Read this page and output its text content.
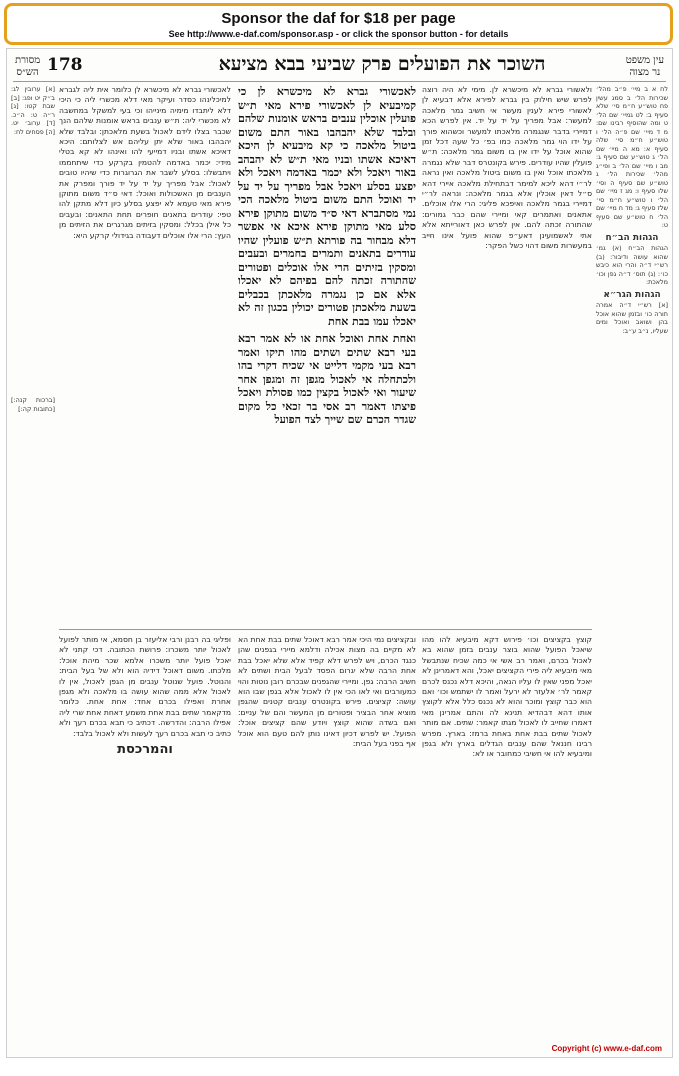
Sponsor the daf for $18 per page
See http://www.e-daf.com/sponsor.asp - or click the sponsor button - for details
עין משפט
נר מצוה
השוכר את הפועלים פרק שביעי בבא מציעא
178
מסורת
הש״ס

לח א ב מיי׳ פ״ב מהל׳ שכירות הל׳ ב סמג עשין פח טוש״ע ח״מ סי׳ שלא סעיף ב: לט גמיי׳ שם הל׳ ט ומה שהוסיף רבינו שם: מ ד מיי׳ שם פ״ה הל׳ ו טוש״ע ח״מ סי׳ שלה סעיף א: מא ה מיי׳ שם הל׳ ג טוש״ע שם סעיף ג: מב ו מיי׳ שם הל׳ ב ופי״ג מהל׳ שכירות הל׳ ג טוש״ע שם סעיף ה וסי׳ שלו סעיף ו: מג ז מיי׳ שם הל׳ ו טוש״ע ח״מ סי׳ שלז סעיף ג: מד ח מיי׳ שם הל׳ ח טוש״ע שם סעיף ט:

הגהות הב״ח

הגהות הב״ח (א) גמ׳ שהוא עושה ודיבור: (ב) רש״י ד״ה והרי הוא כיבש כו׳: (ג) תוס׳ ד״ה גפן וכו׳ מלאכת:

הגהות הגר״א

[א] רש״י ד״ה אמרה תורה כו׳ ובזמן שהוא אוכל בהן ושואב ואוכל ומים שעליו, נ״ב ע״ב:

[א] ערובין לג: ב״ק יט ופג: [ב] שבת קטו: [ג] ר״ה ט: ה״כ. [ד] ערוב׳ יט. [ה] פסחים לח:

[ברכות קנה:] [כתובות קה:]

ולאשורי גברא לא מיכשרא לן. מימי לא היה רוצה לפרש שיש חילוק בין גברא לפירא אלא דבעיא לן לאשורי פירא לענין מעשר אי חשיב גמר מלאכה למעשר: אבל מפריך על יד על יד. אין לפרש הכא דמיירי בדבר שנגמרה מלאכתו למעשר וכשהוא פורך על ידו הוי גמר מלאכה כמו בפ׳ כל שעה דכל זמן שהוא אוכל על ידו אין בו משום גמר מלאכה: ת״ש פועלין שהיו עודרים. פירש בקונטרס דבר שלא נגמרה מלאכתו אוכל ואין בו משום ביטול מלאכה ואין נראה לר״י דהא ליכא למימר דבתחילת מלאכה איירי דהא ס״ל דאין אוכלין אלא בגמר מלאכה: ונראה לר״י דמיירי בגמר מלאכה ואיפכא פליגי: הרי אלו אוכלים. אתאנים ואתמרים קאי ומיירי שהם כבר גמורים: שהתורה זכתה להם. אין לפרש כאן דאורייתא אלא אתי לאשמועינן דאע״פ שהוא פועל אינו חייב במעשרות משום דהוי כשל הפקר:

לאכשורי גברא לא מיכשרא לן כי קמיבעיא לן לאכשורי פירא מאי ת״ש פועלין אוכלין ענבים בראש אומנות שלהם ובלבד שלא יהבהבו באור התם משום ביטול מלאכה כי קא מיבעיא לן היכא דאיכא אשתו ובניו מאי ת״ש לא יהבהב באור ויאכל ולא יכמר באדמה ויאכל ולא יפצע בסלע ויאכל אבל מפריך על יד על יד ואוכל התם משום ביטול מלאכה הכי נמי מסתברא דאי ס״ד משום מתוקן פירא סלע מאי מתוקן פירא איכא אי אפשר דלא מבחור בה פורתא ת״ש פועלין שהיו עודרים בתאנים ותמרים בחמרים ובעבים ומסקין בזיתים הרי אלו אוכלים ופטורים שהתורה זכתה להם בפיהם לא יאכלו אלא אם כן נגמרה מלאכתן בכבלים בשעת מלאכתן פטורים יכולין בכגון זה לא יאכלו עמו בבת אחת

ואחת אחת ואוכל אחת או לא אמר רבא בעי רבא שתים ושתים מהו תיקו ואמר רבא בעי מקמי דלייט אי שכיח דקרי בהו ולכתחלה אי לאכול מגפן זה ומגפן אחר שיעור ואי לאכול בקצין כמו פסולת ויאכל פיצתו דאמר רב אסי בר זכאי כל מקום שגדר הכרם שם שייך לצד הפועל

לאכשורי גברא לא מיכשרא לן כלומר אית ליה לגברא למיכלינהו כסדר ועיקר מאי דלא מכשרי ליה כי היכי דלא ליתבדו מימיה מינייהו וכי בעי למשקל במחשבה לא מכשרי ליה: ת״ש ענבים בראש אומנות שלהם הנך שכבר בצלו לידם לאכול בשעת מלאכתן: ובלבד שלא יהבהבו באור שלא יתן עליהם אש לצלותם: היכא דאיכא אשתו ובניו דמייעי להו ואינהו לא קא בטלי מידי: יכמר באדמה להטמין בקרקע כדי שיתחממו ויתבשלו: בסלע לשבר את הגרוגרות כדי שיהיו טובים לאכול: אבל מפריך על יד על יד פורך ומפרק את הענבים מן האשכולות ואוכל: דאי ס״ד משום מתוקן פירא מאי טעמא לא יפצע בסלע כיון דלא מתקן להו טפי: עודרים בתאנים חופרים תחת התאנים: ובעבים כל אילן בכלל: ומסקין בזיתים מגרגרים את הזיתים מן העץ: הרי אלו אוכלים דעבודה בגידולי קרקע היא:

קוצץ בקציצים וכו׳ פירוש דקא מיבעיא להו מהו שיאכל הפועל שהוא בוצר ענבים בזמן שהוא בא לאכול בכרם, ואמר רב אשי אי כמה שכיח שנתבשל מאי מיבעיא ליה פירי הקציצים יאכל, והא דאמרינן לא יאכל מפני שאין לו עליו הנאה, והיכא דלא נכנס לכרם קאמר לר׳ אלעזר לא ירעל ואמר לו ישתמש וכו׳ ואם הוא כבר קוצץ ומוכר והוא לא נכנס כלל אלא לקוצץ אותו דהא דבהדיא תנינא לה והתם אמרינן מאי דאמרו שחייב לו לאכול מגתו קאמר: שתים. אם מותר לאכול שתים בבת אחת באחת ברמז: בארץ. מפרש רבינו חננאל שהם ענבים הגדלים בארץ ולא בגפן ומיבעיא להו אי חשיבי כמחובר או לא:

ובקציצים נמי היכי אמר רבא דאוכל שתים בבת אחת הא לא מקיים בה מצות אכילה ודלמא מיירי בגפנים שהן כנגד הכרם, ויש לפרש דלא קפיד אלא שלא יאכל בבת אחת הרבה שלא יגרום הפסד לבעל הבית ושתים לא חשיב הרבה: גפן. ומיירי שהגפנים שבכרם רובן נוטות והוי כמעורבים ואי לאו הכי אין לו לאכול אלא בגפן שבו הוא עושה: קציצים. פירש בקונטרס ענבים קטנים שהגפן מוציא אחר הבציר ופטורים מן המעשר והם של עניים: ואם בשדה שהוא קוצץ ויודע שהם קציצים אוכל: הפועל. יש לפרש דכיון דאינו נותן להם טעם הוא אוכל אף בפני בעל הבית:

ופליגי בה רבנן ורבי אליעזר בן חסמא, אי מותר לפועל לאכול יותר משכרו: פרושת הכתובה. דכי קתני לא יאכל פועל יותר משכרו אלמא שכר מיהת אוכל: מלכתו. משום דאוכל דידיה הוא ולא של בעל הבית: והנוטל. פועל שנוטל ענבים מן הגפן לאכול, אין לו לאכול אלא ממה שהוא עושה בו מלאכה ולא מגפן אחרת ואפילו בכרם אחד: אחת אחת. כלומר מדקאמר שתים בבת אחת משמע דאחת אחת שרי ליה אפילו הרבה: והדרשה. דכתיב כי תבא בכרם רעך ולא כתיב כי תבא בכרם רעך לעשות ולא לאכול בלבד:

והמרכסת
Copyright (c) www.e-daf.com
